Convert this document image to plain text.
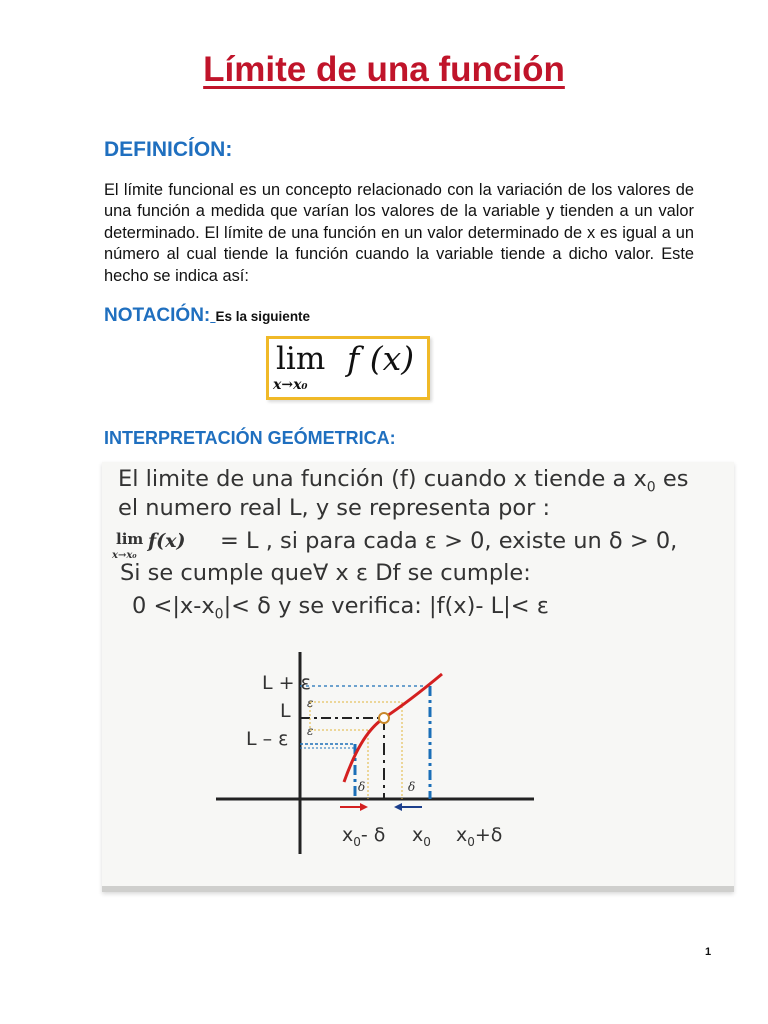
Límite de una función
DEFINICÍON:
El límite funcional es un concepto relacionado con la variación de los valores de una función a medida que varían los valores de la variable y tienden a un valor determinado. El límite de una función en un valor determinado de x es igual a un número al cual tiende la función cuando la variable tiende a dicho valor. Este hecho se indica así:
NOTACIÓN: Es la siguiente
lim
x→x₀
f (x)
INTERPRETACIÓN GEÓMETRICA:
El limite de una función (f) cuando x tiende a $x_0$ es
el numero real L, y se representa por :
lim
x→x₀
f(x) = L , si para cada ε > 0, existe un δ > 0,
Si se cumple que∀ x ε Df se cumple:
$0 <|x-x_0|< \delta$ y se verifica: |f(x)- L|< ε
L + ε
L
L – ε
ε
ε
δ	δ
$x_0-$ δ $x_0$ $x_0+\delta$
1
